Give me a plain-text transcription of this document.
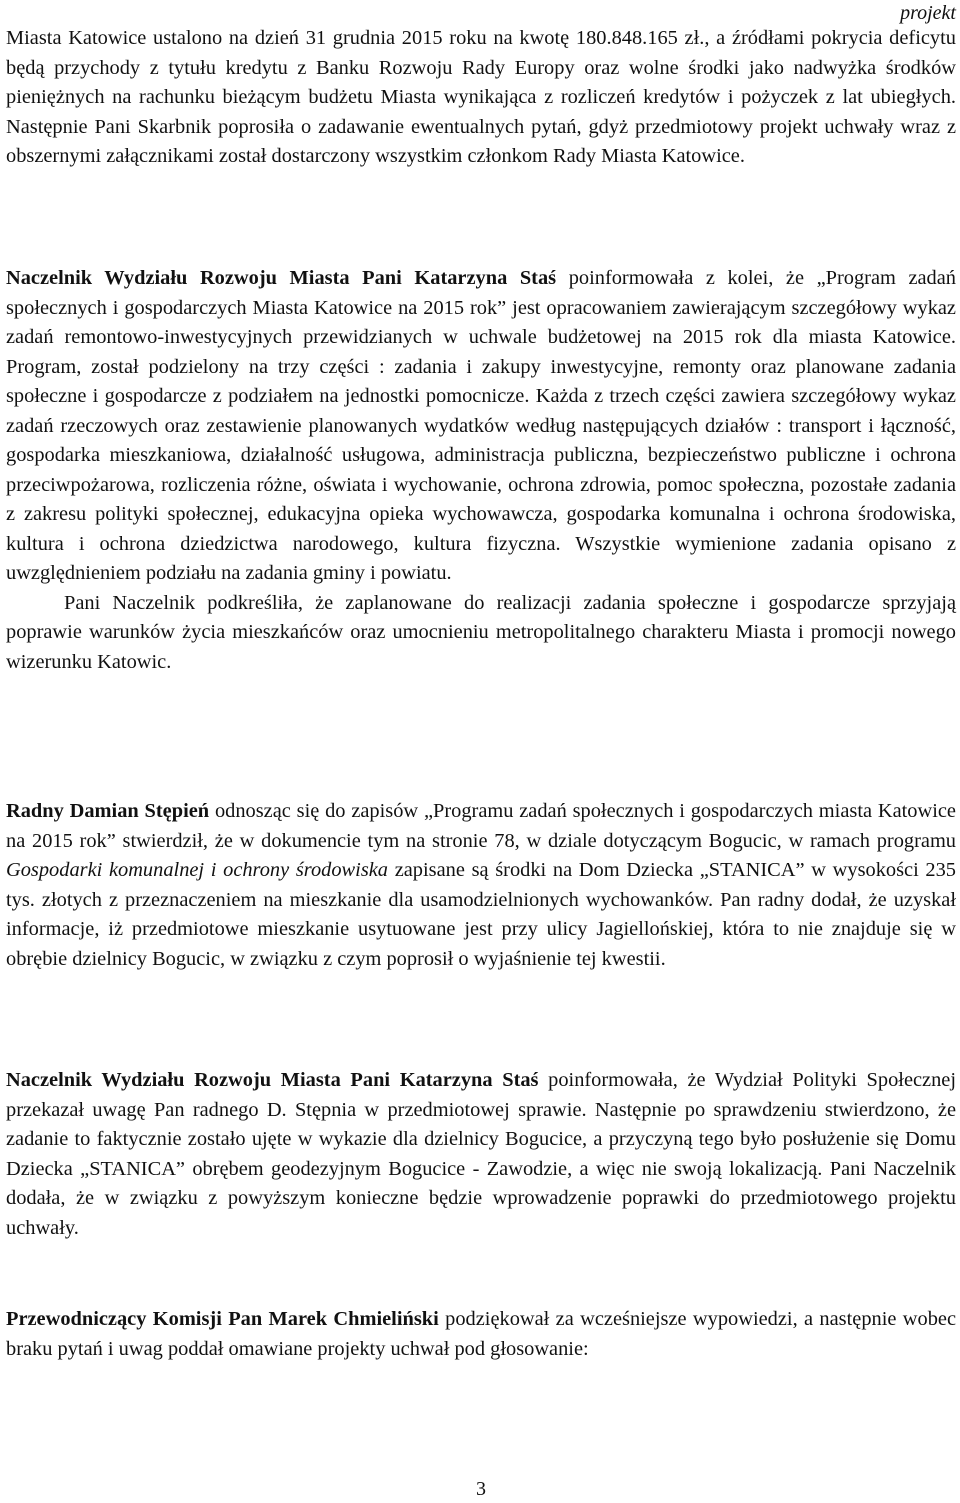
projekt

Miasta Katowice ustalono na dzień 31 grudnia 2015 roku na kwotę 180.848.165 zł., a źródłami pokrycia deficytu będą przychody z tytułu kredytu z Banku Rozwoju Rady Europy oraz wolne środki jako nadwyżka środków pieniężnych na rachunku bieżącym budżetu Miasta wynikająca z rozliczeń kredytów i pożyczek z lat ubiegłych. Następnie Pani Skarbnik poprosiła o zadawanie ewentualnych pytań, gdyż przedmiotowy projekt uchwały wraz z obszernymi załącznikami został dostarczony wszystkim członkom Rady Miasta Katowice.

Naczelnik Wydziału Rozwoju Miasta Pani Katarzyna Staś poinformowała z kolei, że „Program zadań społecznych i gospodarczych Miasta Katowice na 2015 rok” jest opracowaniem zawierającym szczegółowy wykaz zadań remontowo-inwestycyjnych przewidzianych w uchwale budżetowej na 2015 rok dla miasta Katowice. Program, został podzielony na trzy części : zadania i zakupy inwestycyjne, remonty oraz planowane zadania społeczne i gospodarcze z podziałem na jednostki pomocnicze. Każda z trzech części zawiera szczegółowy wykaz zadań rzeczowych oraz zestawienie planowanych wydatków według następujących działów : transport i łączność, gospodarka mieszkaniowa, działalność usługowa, administracja publiczna, bezpieczeństwo publiczne i ochrona przeciwpożarowa, rozliczenia różne, oświata i wychowanie, ochrona zdrowia, pomoc społeczna, pozostałe zadania z zakresu polityki społecznej, edukacyjna opieka wychowawcza, gospodarka komunalna i ochrona środowiska, kultura i ochrona dziedzictwa narodowego, kultura fizyczna. Wszystkie wymienione zadania opisano z uwzględnieniem podziału na zadania gminy i powiatu.
Pani Naczelnik podkreśliła, że zaplanowane do realizacji zadania społeczne i gospodarcze sprzyjają poprawie warunków życia mieszkańców oraz umocnieniu metropolitalnego charakteru Miasta i promocji nowego wizerunku Katowic.

Radny Damian Stępień odnosząc się do zapisów „Programu zadań społecznych i gospodarczych miasta Katowice na 2015 rok” stwierdził, że w dokumencie tym na stronie 78, w dziale dotyczącym Bogucic, w ramach programu Gospodarki komunalnej i ochrony środowiska zapisane są środki na Dom Dziecka „STANICA” w wysokości 235 tys. złotych z przeznaczeniem na mieszkanie dla usamodzielnionych wychowanków. Pan radny dodał, że uzyskał informacje, iż przedmiotowe mieszkanie usytuowane jest przy ulicy Jagiellońskiej, która to nie znajduje się w obrębie dzielnicy Bogucic, w związku z czym poprosił o wyjaśnienie tej kwestii.

Naczelnik Wydziału Rozwoju Miasta Pani Katarzyna Staś poinformowała, że Wydział Polityki Społecznej przekazał uwagę Pan radnego D. Stępnia w przedmiotowej sprawie. Następnie po sprawdzeniu stwierdzono, że zadanie to faktycznie zostało ujęte w wykazie dla dzielnicy Bogucice, a przyczyną tego było posłużenie się Domu Dziecka „STANICA” obrębem geodezyjnym Bogucice - Zawodzie, a więc nie swoją lokalizacją. Pani Naczelnik dodała, że w związku z powyższym konieczne będzie wprowadzenie poprawki do przedmiotowego projektu uchwały.

Przewodniczący Komisji Pan Marek Chmieliński podziękował za wcześniejsze wypowiedzi, a następnie wobec braku pytań i uwag poddał omawiane projekty uchwał pod głosowanie:

3
